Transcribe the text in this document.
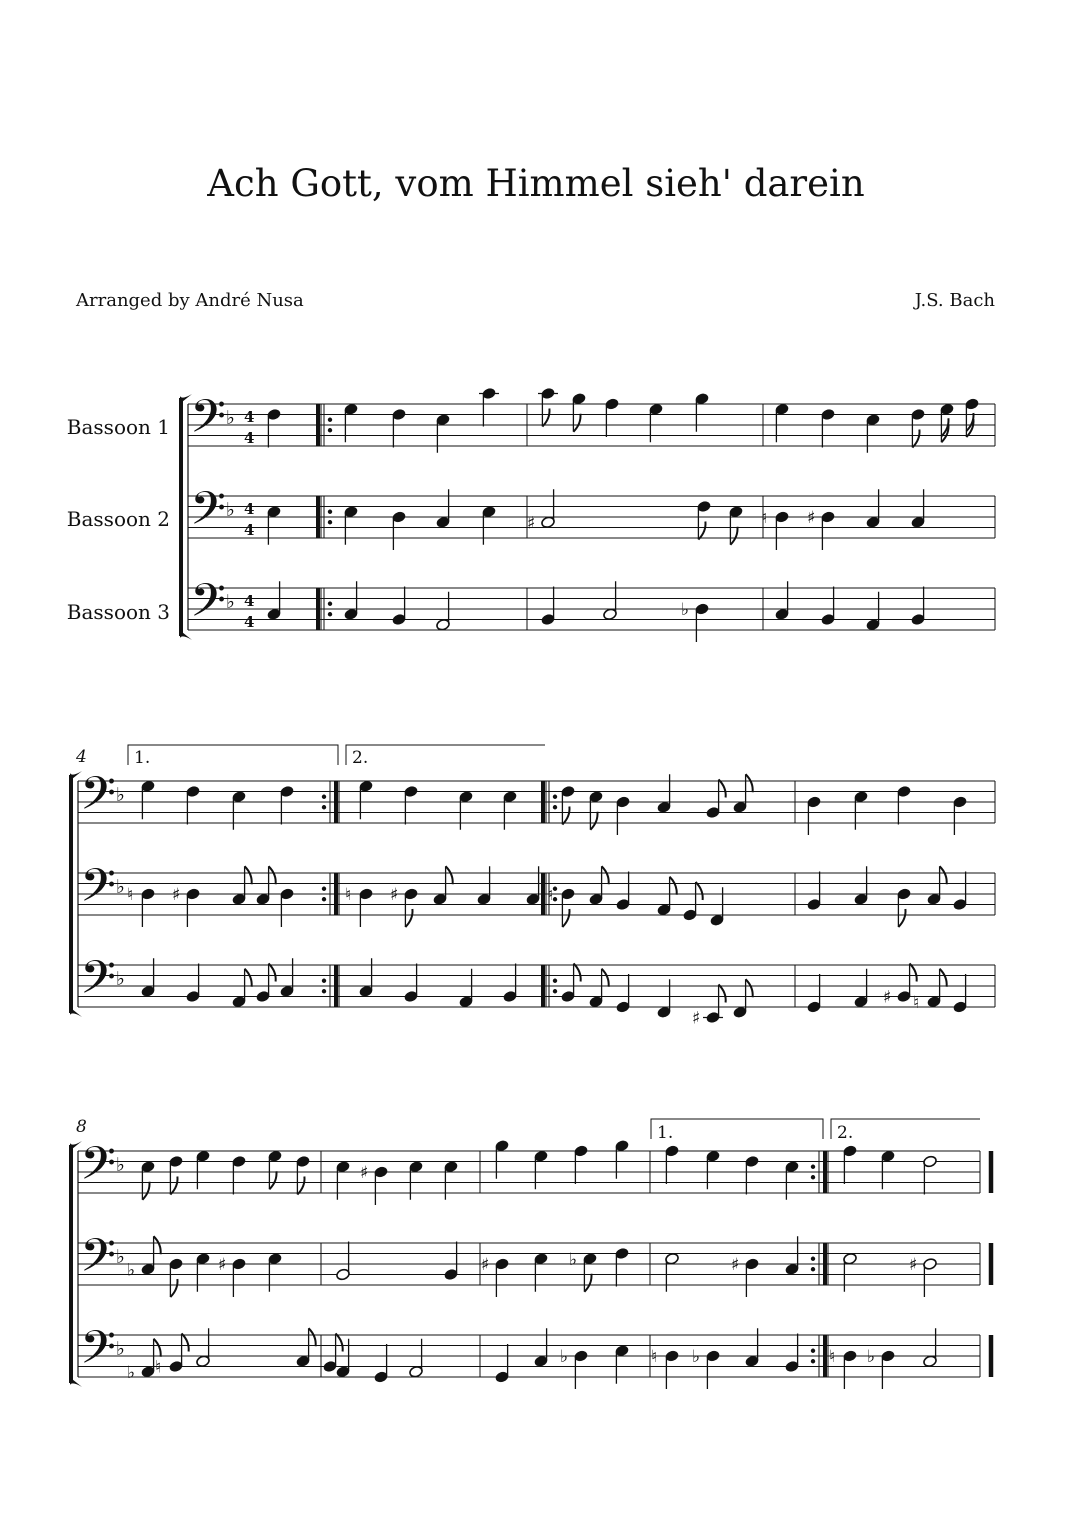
Ach Gott, vom Himmel sieh' darein
Arranged by André Nusa	J.S. Bach
Bassoon 1
Bassoon 2
Bassoon 3
4
8
1.	2.
1.	2.
𝄢 ♭ 4
4
𝄢 ♭ 4
4
𝄢 ♭ 4
4
𝄢 ♭
𝄢 ♭
𝄢 ♭
𝄢 ♭
𝄢 ♭
𝄢 ♭
♯	♮ ♯
♭
♮ ♯	♮ ♯	♮
♯
♯ ♮
♯
♭	♯	♯	♭	♯	♯
♭ ♮
♭	♮ ♭	♮ ♭
